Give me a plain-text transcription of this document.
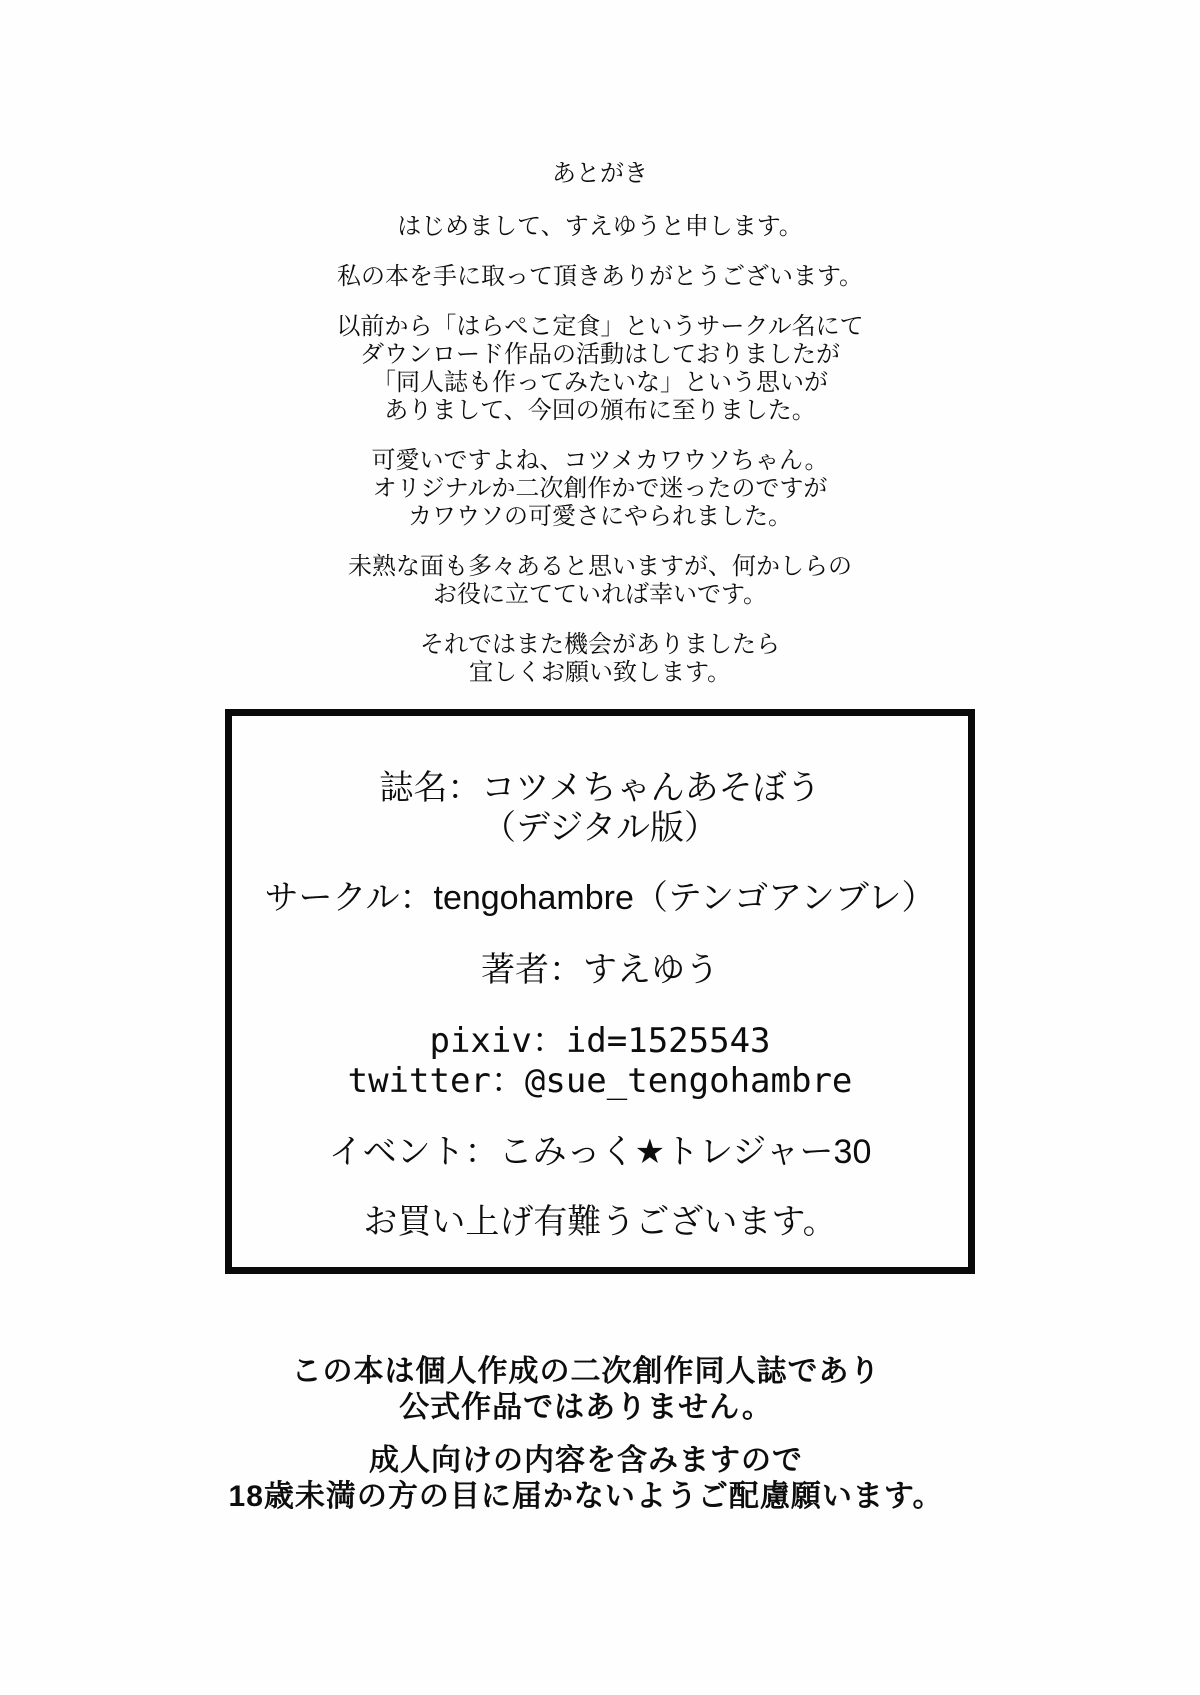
あとがき
はじめまして、すえゆうと申します。
私の本を手に取って頂きありがとうございます。
以前から「はらぺこ定食」というサークル名にて
ダウンロード作品の活動はしておりましたが
「同人誌も作ってみたいな」という思いが
ありまして、今回の頒布に至りました。
可愛いですよね、コツメカワウソちゃん。
オリジナルか二次創作かで迷ったのですが
カワウソの可愛さにやられました。
未熟な面も多々あると思いますが、何かしらの
お役に立てていれば幸いです。
それではまた機会がありましたら
宜しくお願い致します。
誌名：コツメちゃんあそぼう
（デジタル版）
サークル：tengohambre（テンゴアンブレ）
著者：すえゆう
pixiv：id=1525543
twitter：@sue_tengohambre
イベント：こみっく★トレジャー30
お買い上げ有難うございます。
この本は個人作成の二次創作同人誌であり
公式作品ではありません。
成人向けの内容を含みますので
18歳未満の方の目に届かないようご配慮願います。
